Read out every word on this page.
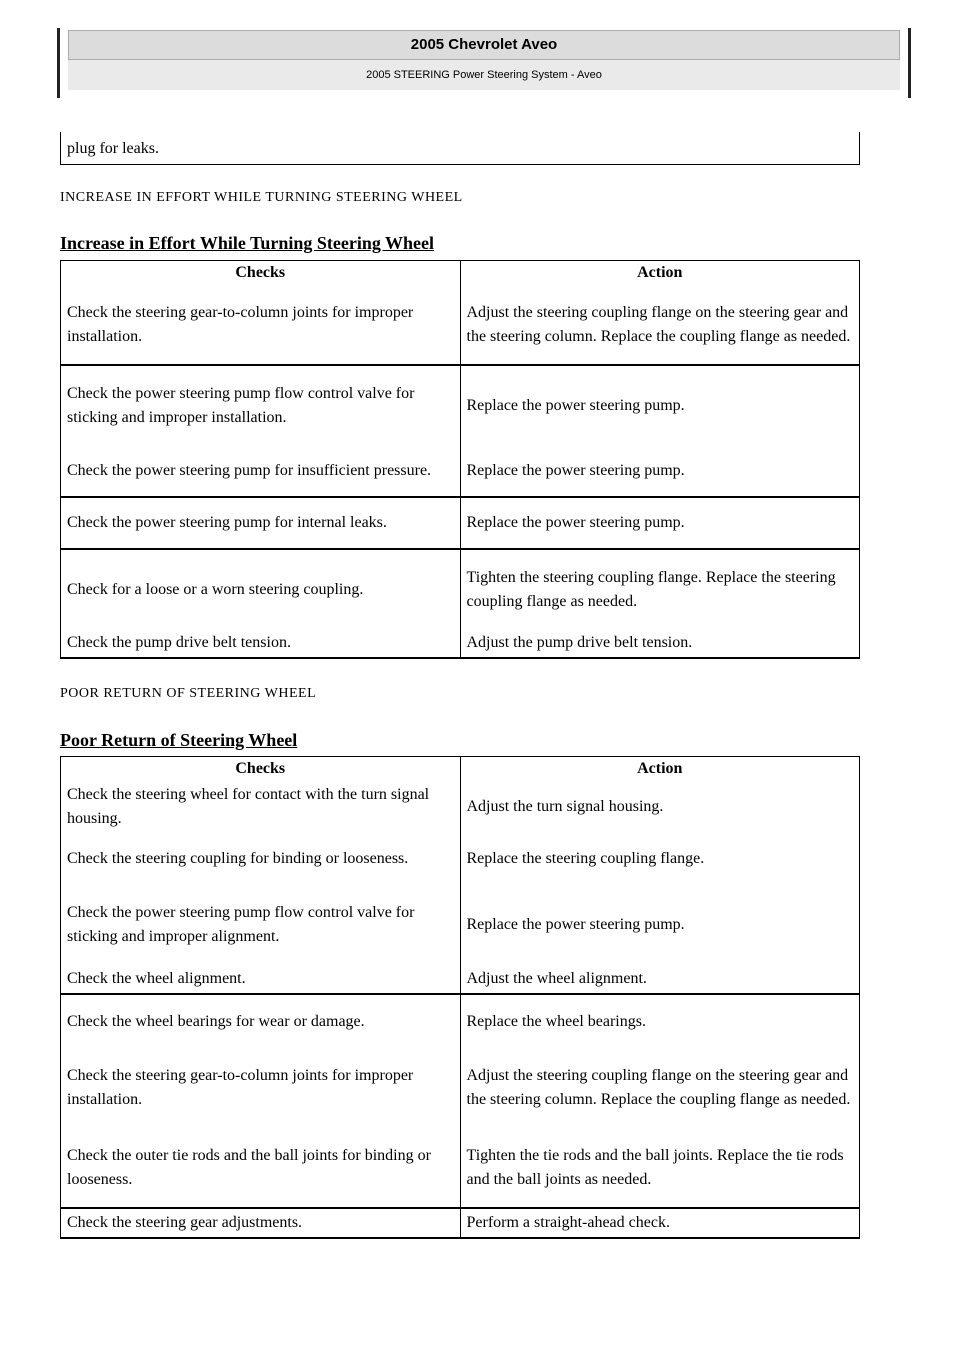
2005 Chevrolet Aveo
2005 STEERING Power Steering System - Aveo
plug for leaks.
INCREASE IN EFFORT WHILE TURNING STEERING WHEEL
Increase in Effort While Turning Steering Wheel
Checks	Action
Check the steering gear-to-column joints for improper installation.	Adjust the steering coupling flange on the steering gear and the steering column. Replace the coupling flange as needed.
Check the power steering pump flow control valve for sticking and improper installation.	Replace the power steering pump.
Check the power steering pump for insufficient pressure.	Replace the power steering pump.
Check the power steering pump for internal leaks.	Replace the power steering pump.
Check for a loose or a worn steering coupling.	Tighten the steering coupling flange. Replace the steering coupling flange as needed.
Check the pump drive belt tension.	Adjust the pump drive belt tension.
POOR RETURN OF STEERING WHEEL
Poor Return of Steering Wheel
Checks	Action
Check the steering wheel for contact with the turn signal housing.	Adjust the turn signal housing.
Check the steering coupling for binding or looseness.	Replace the steering coupling flange.
Check the power steering pump flow control valve for sticking and improper alignment.	Replace the power steering pump.
Check the wheel alignment.	Adjust the wheel alignment.
Check the wheel bearings for wear or damage.	Replace the wheel bearings.
Check the steering gear-to-column joints for improper installation.	Adjust the steering coupling flange on the steering gear and the steering column. Replace the coupling flange as needed.
Check the outer tie rods and the ball joints for binding or looseness.	Tighten the tie rods and the ball joints. Replace the tie rods and the ball joints as needed.
Check the steering gear adjustments.	Perform a straight-ahead check.
